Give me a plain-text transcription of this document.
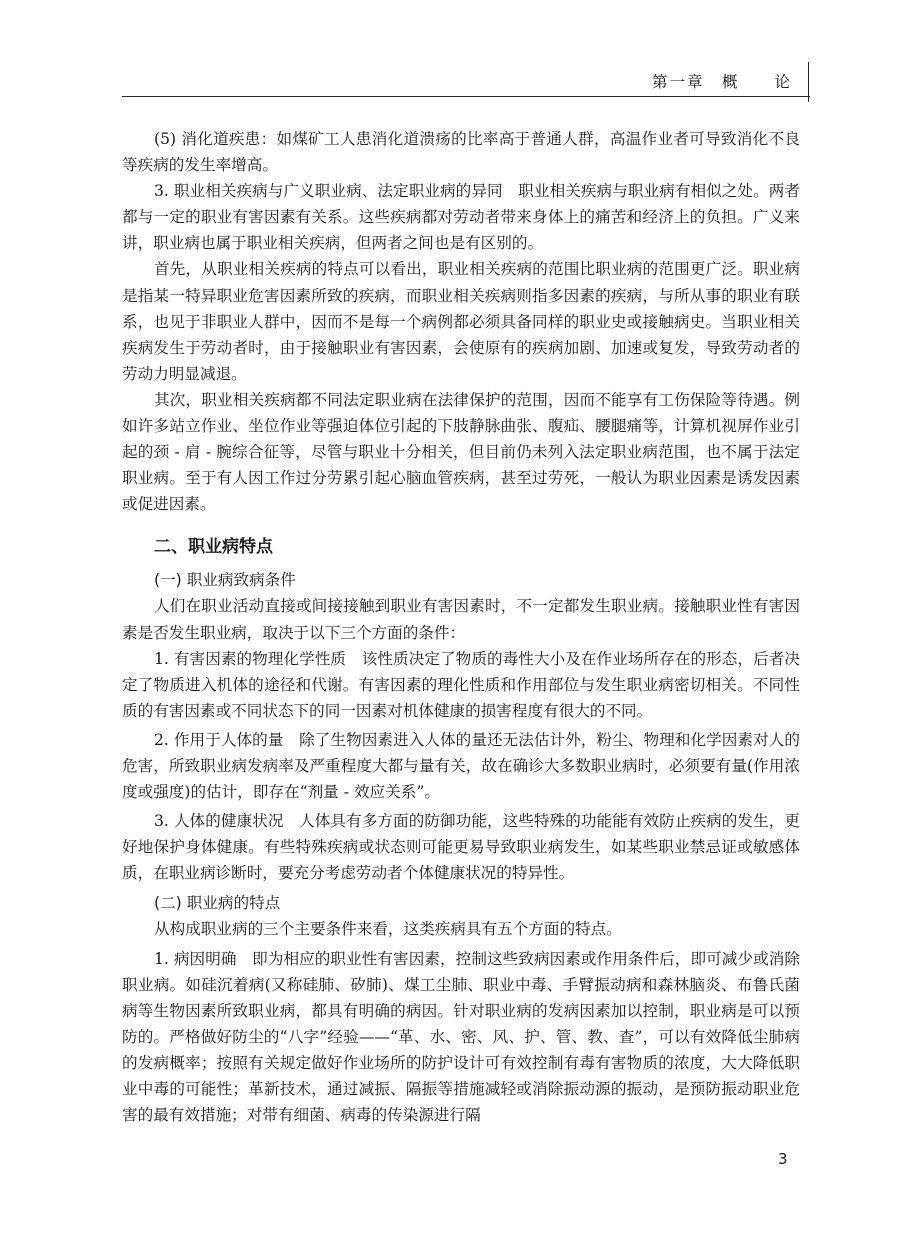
第一章　概　　论

(5) 消化道疾患：如煤矿工人患消化道溃疡的比率高于普通人群，高温作业者可导致消化不良等疾病的发生率增高。

3. 职业相关疾病与广义职业病、法定职业病的异同　职业相关疾病与职业病有相似之处。两者都与一定的职业有害因素有关系。这些疾病都对劳动者带来身体上的痛苦和经济上的负担。广义来讲，职业病也属于职业相关疾病，但两者之间也是有区别的。

首先，从职业相关疾病的特点可以看出，职业相关疾病的范围比职业病的范围更广泛。职业病是指某一特异职业危害因素所致的疾病，而职业相关疾病则指多因素的疾病，与所从事的职业有联系，也见于非职业人群中，因而不是每一个病例都必须具备同样的职业史或接触病史。当职业相关疾病发生于劳动者时，由于接触职业有害因素，会使原有的疾病加剧、加速或复发，导致劳动者的劳动力明显减退。

其次，职业相关疾病都不同法定职业病在法律保护的范围，因而不能享有工伤保险等待遇。例如许多站立作业、坐位作业等强迫体位引起的下肢静脉曲张、腹疝、腰腿痛等，计算机视屏作业引起的颈 - 肩 - 腕综合征等，尽管与职业十分相关，但目前仍未列入法定职业病范围，也不属于法定职业病。至于有人因工作过分劳累引起心脑血管疾病，甚至过劳死，一般认为职业因素是诱发因素或促进因素。

二、职业病特点
(一) 职业病致病条件

人们在职业活动直接或间接接触到职业有害因素时，不一定都发生职业病。接触职业性有害因素是否发生职业病，取决于以下三个方面的条件：

1. 有害因素的物理化学性质　该性质决定了物质的毒性大小及在作业场所存在的形态，后者决定了物质进入机体的途径和代谢。有害因素的理化性质和作用部位与发生职业病密切相关。不同性质的有害因素或不同状态下的同一因素对机体健康的损害程度有很大的不同。

2. 作用于人体的量　除了生物因素进入人体的量还无法估计外，粉尘、物理和化学因素对人的危害，所致职业病发病率及严重程度大都与量有关，故在确诊大多数职业病时，必须要有量(作用浓度或强度)的估计，即存在“剂量 - 效应关系”。

3. 人体的健康状况　人体具有多方面的防御功能，这些特殊的功能能有效防止疾病的发生，更好地保护身体健康。有些特殊疾病或状态则可能更易导致职业病发生，如某些职业禁忌证或敏感体质，在职业病诊断时，要充分考虑劳动者个体健康状况的特异性。

(二) 职业病的特点

从构成职业病的三个主要条件来看，这类疾病具有五个方面的特点。

1. 病因明确　即为相应的职业性有害因素，控制这些致病因素或作用条件后，即可减少或消除职业病。如硅沉着病(又称硅肺、矽肺)、煤工尘肺、职业中毒、手臂振动病和森林脑炎、布鲁氏菌病等生物因素所致职业病，都具有明确的病因。针对职业病的发病因素加以控制，职业病是可以预防的。严格做好防尘的“八字”经验——“革、水、密、风、护、管、教、查”，可以有效降低尘肺病的发病概率；按照有关规定做好作业场所的防护设计可有效控制有毒有害物质的浓度，大大降低职业中毒的可能性；革新技术，通过减振、隔振等措施减轻或消除振动源的振动，是预防振动职业危害的最有效措施；对带有细菌、病毒的传染源进行隔

3
